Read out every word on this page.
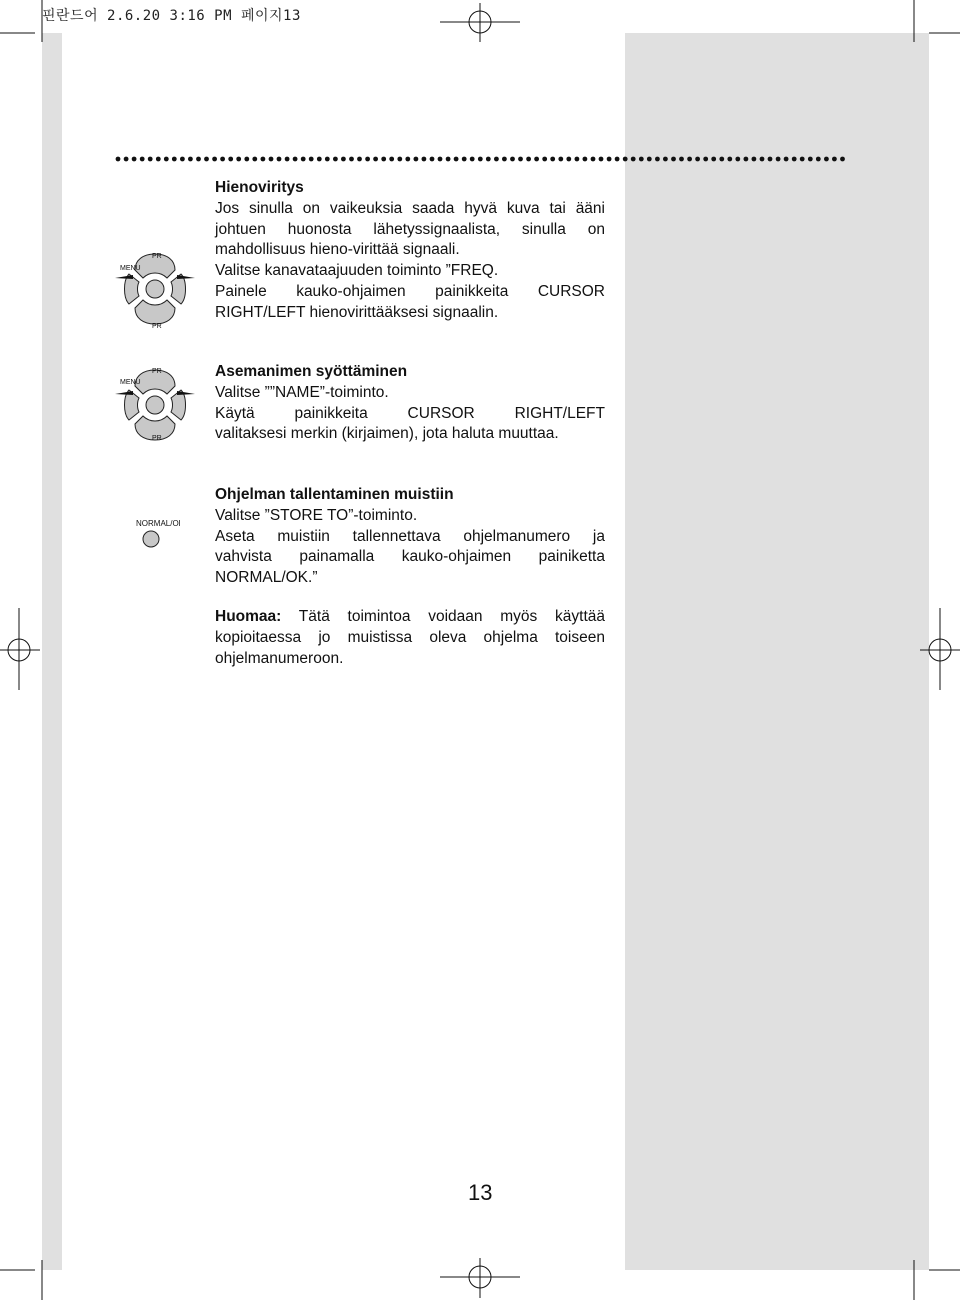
핀란드어 2.6.20 3:16 PM 페이지13
MENU
PR
PR
MENU
PR
PR
NORMAL/OK

Hienoviritys

Jos sinulla on vaikeuksia saada hyvä kuva tai ääni

johtuen huonosta lähetyssignaalista, sinulla on

mahdollisuus hieno-virittää signaali.

Valitse kanavataajuuden toiminto ”FREQ.

Painele kauko-ohjaimen painikkeita CURSOR

RIGHT/LEFT hienovirittääksesi signaalin.

Asemanimen syöttäminen

Valitse ””NAME”-toiminto.

Käytä painikkeita CURSOR RIGHT/LEFT

valitaksesi merkin (kirjaimen), jota haluta muuttaa.

Ohjelman tallentaminen muistiin

Valitse ”STORE TO”-toiminto.

Aseta muistiin tallennettava ohjelmanumero ja

vahvista painamalla kauko-ohjaimen painiketta

NORMAL/OK.”

Huomaa: Tätä toimintoa voidaan myös käyttää

kopioitaessa jo muistissa oleva ohjelma toiseen

ohjelmanumeroon.

13
